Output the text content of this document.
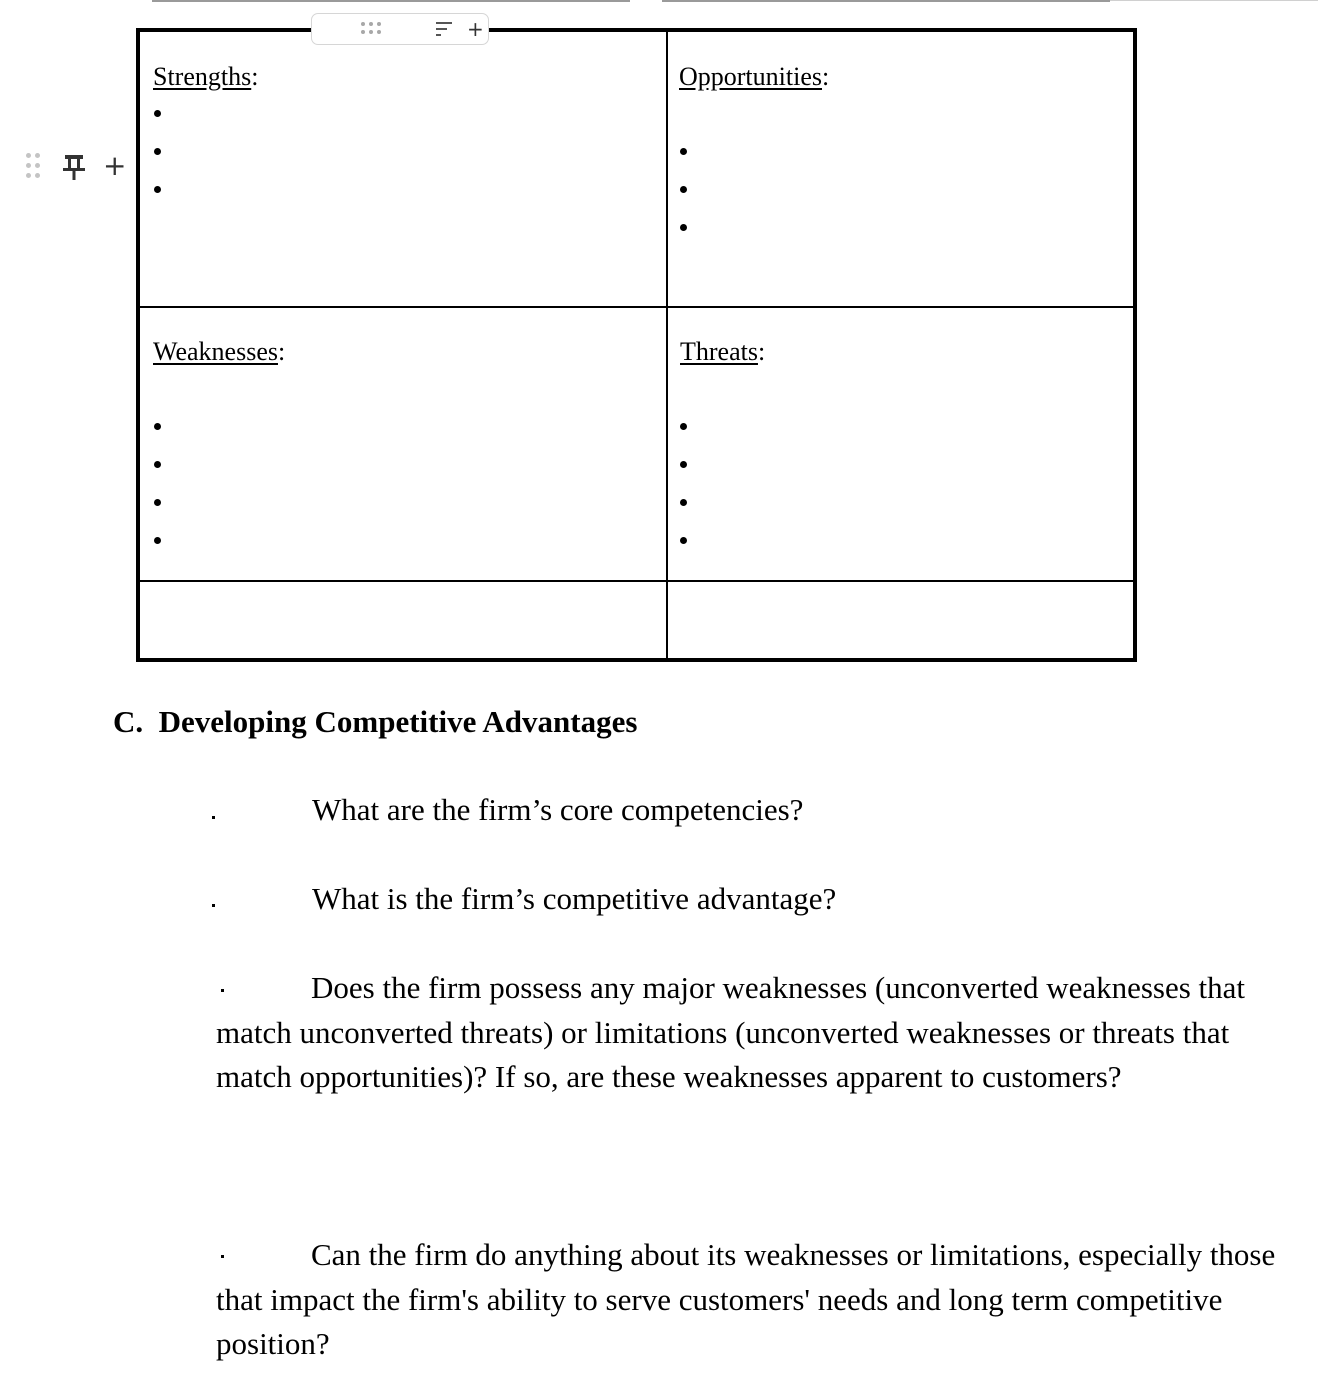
+
+
Strengths:	Opportunities:
Weaknesses:	Threats:
C.  Developing Competitive Advantages
What are the firm’s core competencies?
What is the firm’s competitive advantage?
Does the firm possess any major weaknesses (unconverted weaknesses that match unconverted threats) or limitations (unconverted weaknesses or threats that match opportunities)? If so, are these weaknesses apparent to customers?
Can the firm do anything about its weaknesses or limitations, especially those that impact the firm's ability to serve customers' needs and long term competitive position?
